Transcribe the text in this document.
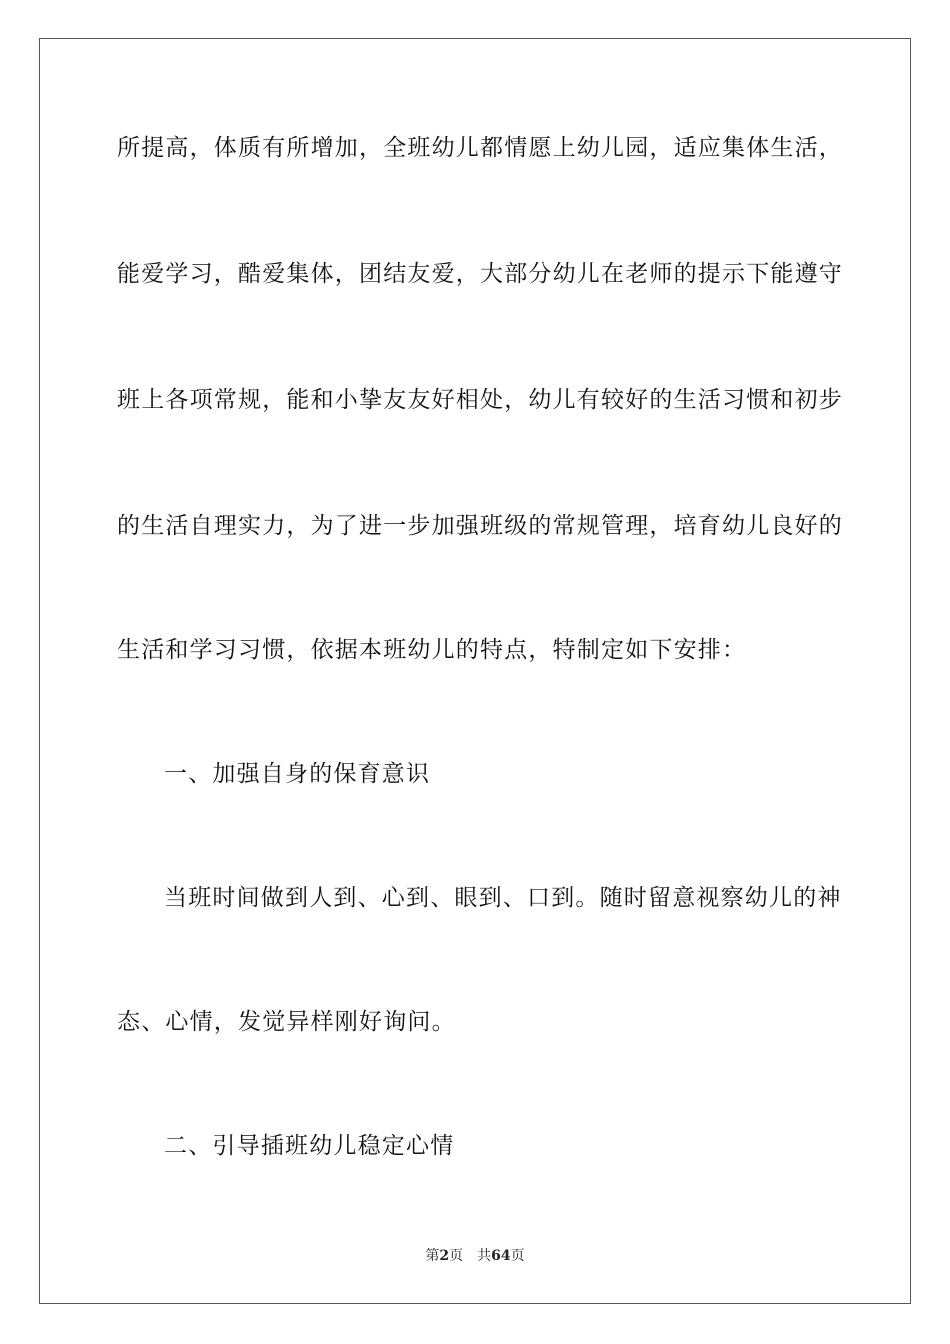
所提高，体质有所增加，全班幼儿都情愿上幼儿园，适应集体生活，
能爱学习，酷爱集体，团结友爱，大部分幼儿在老师的提示下能遵守
班上各项常规，能和小挚友友好相处，幼儿有较好的生活习惯和初步
的生活自理实力，为了进一步加强班级的常规管理，培育幼儿良好的
生活和学习习惯，依据本班幼儿的特点，特制定如下安排：
一、加强自身的保育意识
当班时间做到人到、心到、眼到、口到。随时留意视察幼儿的神
态、心情，发觉异样刚好询问。
二、引导插班幼儿稳定心情
第2页 共64页
